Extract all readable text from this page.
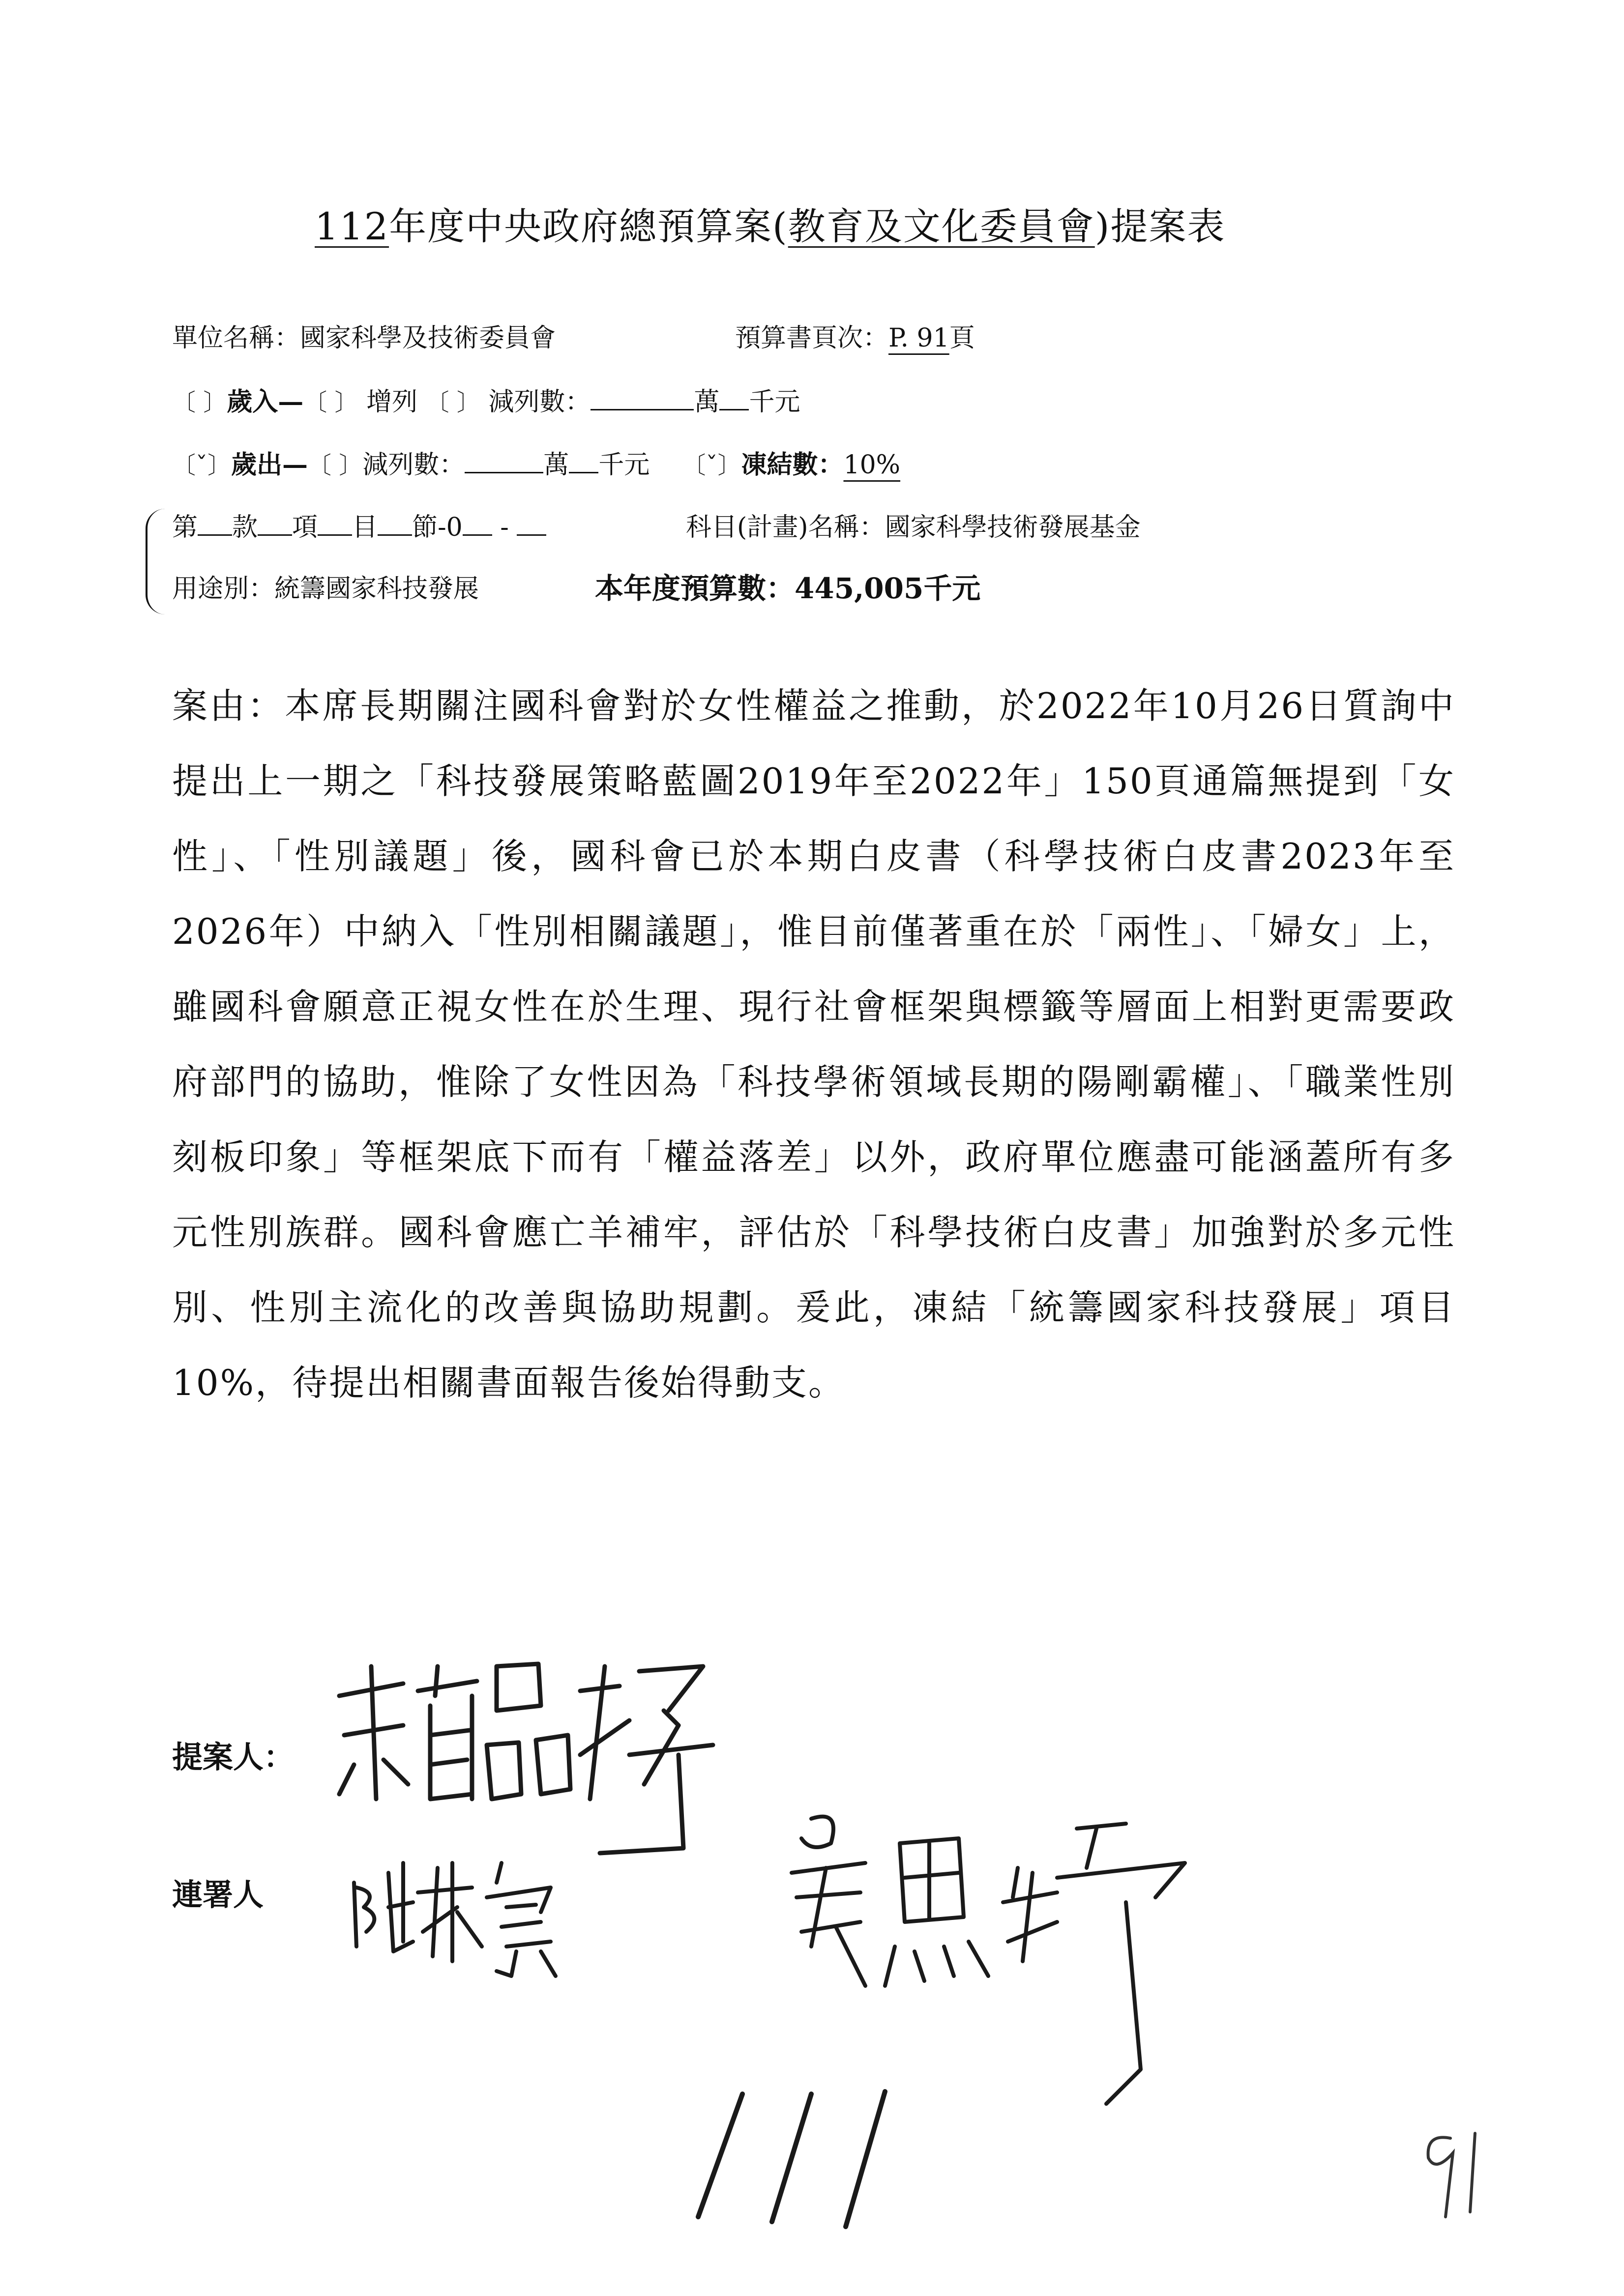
112年度中央政府總預算案(教育及文化委員會)提案表
單位名稱：國家科學及技術委員會	預算書頁次：P. 91頁
〔 〕歲入—〔 〕 增列 〔 〕 減列數：	萬 千元
〔ˇ〕歲出—〔 〕減列數：	萬 千元 〔ˇ〕凍結數：10%
第 款 項 目 節-0 -	科目(計畫)名稱：國家科學技術發展基金
用途別：統籌國家科技發展	本年度預算數：445,005千元
案由：本席長期關注國科會對於女性權益之推動，於2022年10月26日質詢中提出上一期之「科技發展策略藍圖2019年至2022年」150頁通篇無提到「女性」、「性別議題」後，國科會已於本期白皮書（科學技術白皮書2023年至2026年）中納入「性別相關議題」，惟目前僅著重在於「兩性」、「婦女」上，雖國科會願意正視女性在於生理、現行社會框架與標籤等層面上相對更需要政府部門的協助，惟除了女性因為「科技學術領域長期的陽剛霸權」、「職業性別刻板印象」等框架底下而有「權益落差」以外，政府單位應盡可能涵蓋所有多元性別族群。國科會應亡羊補牢，評估於「科學技術白皮書」加強對於多元性別、性別主流化的改善與協助規劃。爰此，凍結「統籌國家科技發展」項目10%，待提出相關書面報告後始得動支。
提案人：
連署人
